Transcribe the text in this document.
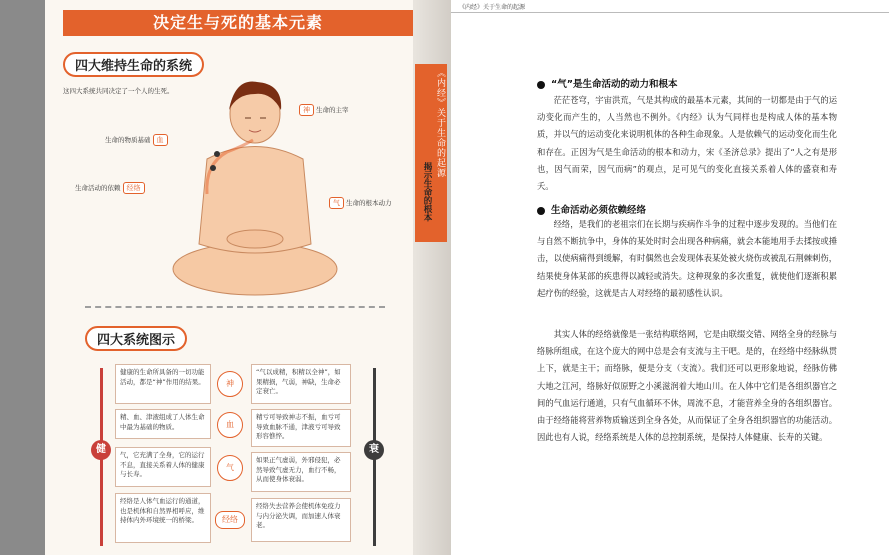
决定生与死的基本元素
四大维持生命的系统
这四大系统共同决定了一个人的生死。
神 生命的主宰
生命的物质基础 血
生命活动的依赖 经络
气 生命的根本动力
四大系统图示
健	衰
健康的生命所具备的一切功能活动，都是“神”作用的结果。	神
“气以成精，积精以全神”，如果精损，气弱，神缺，生命必定衰亡。
精、血、津液组成了人体生命中最为基础的物质。	血
精亏可导致神志不振，血亏可导致血脉不通，津液亏可导致形容憔悴。
气，它充满了全身，它的运行不息，直接关系着人体的健康与长寿。
气
如果正气虚弱，外邪侵犯，必然导致气虚无力，血行不畅，从而使身体衰弱。
经络是人体气血运行的通道，也是机体和自然界相呼应，维持体内外环境统一的桥梁。	经络
经络失去营养会使机体免疫力与内分泌失调，而加速人体衰老。
《内经》关于生命的起源
揭示生命的根本
《内经》关于生命的起源
“气”是生命活动的动力和根本
茫茫苍穹，宇宙洪荒，气是其构成的最基本元素，其间的一切都是由于气的运动变化而产生的，人当然也不例外。《内经》认为气同样也是构成人体的基本物质，并以气的运动变化来说明机体的各种生命现象。人是依赖气的运动变化而生化和存在。正因为气是生命活动的根本和动力，宋《圣济总录》提出了“人之有是形也，因气而荣，因气而病”的观点，足可见气的变化直接关系着人体的盛衰和寿夭。
生命活动必须依赖经络
经络，是我们的老祖宗们在长期与疾病作斗争的过程中逐步发现的。当他们在与自然不断抗争中，身体的某处时时会出现各种病痛，就会本能地用手去揉按或捶击，以使病痛得到缓解，有时偶然也会发现体表某处被火烧伤或被乱石荆棘刺伤，结果使身体某部的疾患得以减轻或消失。这种现象的多次重复，就使他们逐渐积累起疗伤的经验，这就是古人对经络的最初感性认识。
其实人体的经络就像是一张结构联络网，它是由联缀交错、网络全身的经脉与络脉所组成，在这个庞大的网中总是会有支流与主干吧。是的，在经络中经脉纵贯上下，就是主干；而络脉，便是分支（支流）。我们还可以更形象地说，经脉仿佛大地之江河，络脉好似原野之小溪滋润着大地山川。在人体中它们是各组织器官之间的气血运行通道，只有气血循环不休，周流不息，才能营养全身的各组织器官。由于经络能将营养物质输送到全身各处，从而保证了全身各组织器官的功能活动。因此也有人说，经络系统是人体的总控制系统，是保持人体健康、长寿的关键。
